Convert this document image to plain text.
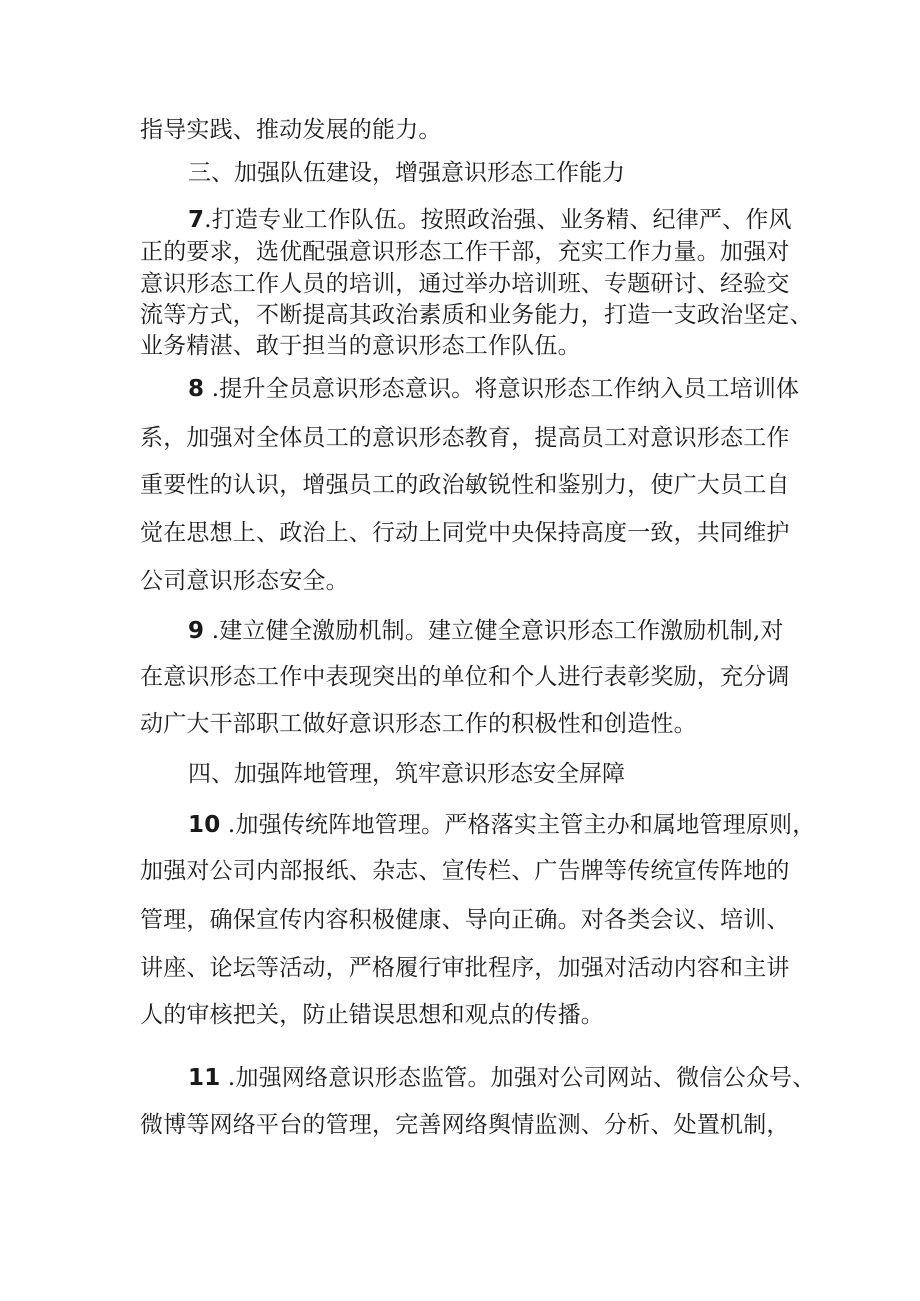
指导实践、推动发展的能力。
三、加强队伍建设，增强意识形态工作能力
7.打造专业工作队伍。按照政治强、业务精、纪律严、作风
正的要求，选优配强意识形态工作干部，充实工作力量。加强对
意识形态工作人员的培训，通过举办培训班、专题研讨、经验交
流等方式，不断提高其政治素质和业务能力，打造一支政治坚定、
业务精湛、敢于担当的意识形态工作队伍。
8 .提升全员意识形态意识。将意识形态工作纳入员工培训体
系，加强对全体员工的意识形态教育，提高员工对意识形态工作
重要性的认识，增强员工的政治敏锐性和鉴别力，使广大员工自
觉在思想上、政治上、行动上同党中央保持高度一致，共同维护
公司意识形态安全。
9 .建立健全激励机制。建立健全意识形态工作激励机制,对
在意识形态工作中表现突出的单位和个人进行表彰奖励，充分调
动广大干部职工做好意识形态工作的积极性和创造性。
四、加强阵地管理，筑牢意识形态安全屏障
10 .加强传统阵地管理。严格落实主管主办和属地管理原则，
加强对公司内部报纸、杂志、宣传栏、广告牌等传统宣传阵地的
管理，确保宣传内容积极健康、导向正确。对各类会议、培训、
讲座、论坛等活动，严格履行审批程序，加强对活动内容和主讲
人的审核把关，防止错误思想和观点的传播。
11 .加强网络意识形态监管。加强对公司网站、微信公众号、
微博等网络平台的管理，完善网络舆情监测、分析、处置机制，
